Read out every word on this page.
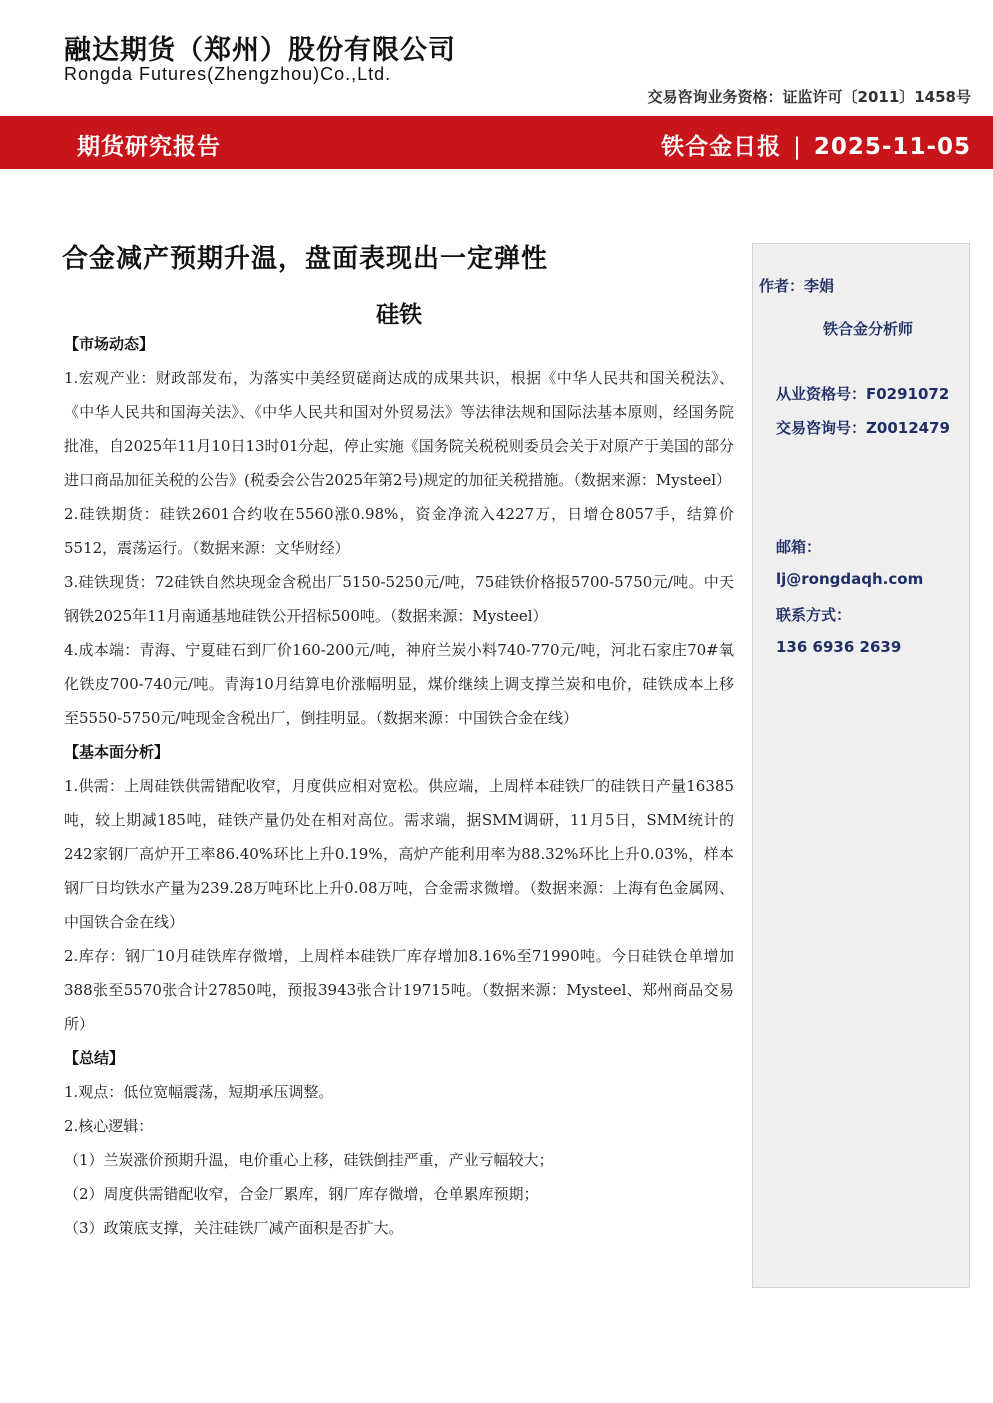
融达期货（郑州）股份有限公司
Rongda Futures(Zhengzhou)Co.,Ltd.
交易咨询业务资格：证监许可〔2011〕1458号
期货研究报告	铁合金日报 | 2025-11-05
合金减产预期升温，盘面表现出一定弹性
硅铁

【市场动态】

1.宏观产业：财政部发布，为落实中美经贸磋商达成的成果共识，根据《中华人民共和国关税法》、《中华人民共和国海关法》、《中华人民共和国对外贸易法》等法律法规和国际法基本原则，经国务院批准，自2025年11月10日13时01分起，停止实施《国务院关税税则委员会关于对原产于美国的部分进口商品加征关税的公告》(税委会公告2025年第2号)规定的加征关税措施。（数据来源：Mysteel）

2.硅铁期货：硅铁2601合约收在5560涨0.98%，资金净流入4227万，日增仓8057手，结算价5512，震荡运行。（数据来源：文华财经）

3.硅铁现货：72硅铁自然块现金含税出厂5150-5250元/吨，75硅铁价格报5700-5750元/吨。中天钢铁2025年11月南通基地硅铁公开招标500吨。（数据来源：Mysteel）

4.成本端：青海、宁夏硅石到厂价160-200元/吨，神府兰炭小料740-770元/吨，河北石家庄70#氧化铁皮700-740元/吨。青海10月结算电价涨幅明显，煤价继续上调支撑兰炭和电价，硅铁成本上移至5550-5750元/吨现金含税出厂，倒挂明显。（数据来源：中国铁合金在线）

【基本面分析】

1.供需：上周硅铁供需错配收窄，月度供应相对宽松。供应端，上周样本硅铁厂的硅铁日产量16385吨，较上期减185吨，硅铁产量仍处在相对高位。需求端，据SMM调研，11月5日，SMM统计的242家钢厂高炉开工率86.40%环比上升0.19%，高炉产能利用率为88.32%环比上升0.03%，样本钢厂日均铁水产量为239.28万吨环比上升0.08万吨，合金需求微增。（数据来源：上海有色金属网、中国铁合金在线）

2.库存：钢厂10月硅铁库存微增，上周样本硅铁厂库存增加8.16%至71990吨。今日硅铁仓单增加388张至5570张合计27850吨，预报3943张合计19715吨。（数据来源：Mysteel、郑州商品交易所）

【总结】

1.观点：低位宽幅震荡，短期承压调整。

2.核心逻辑：

（1）兰炭涨价预期升温，电价重心上移，硅铁倒挂严重，产业亏幅较大；

（2）周度供需错配收窄，合金厂累库，钢厂库存微增，仓单累库预期；

（3）政策底支撑，关注硅铁厂减产面积是否扩大。

作者：李娟
铁合金分析师
从业资格号：F0291072
交易咨询号：Z0012479
邮箱：
lj@rongdaqh.com
联系方式：
136 6936 2639
